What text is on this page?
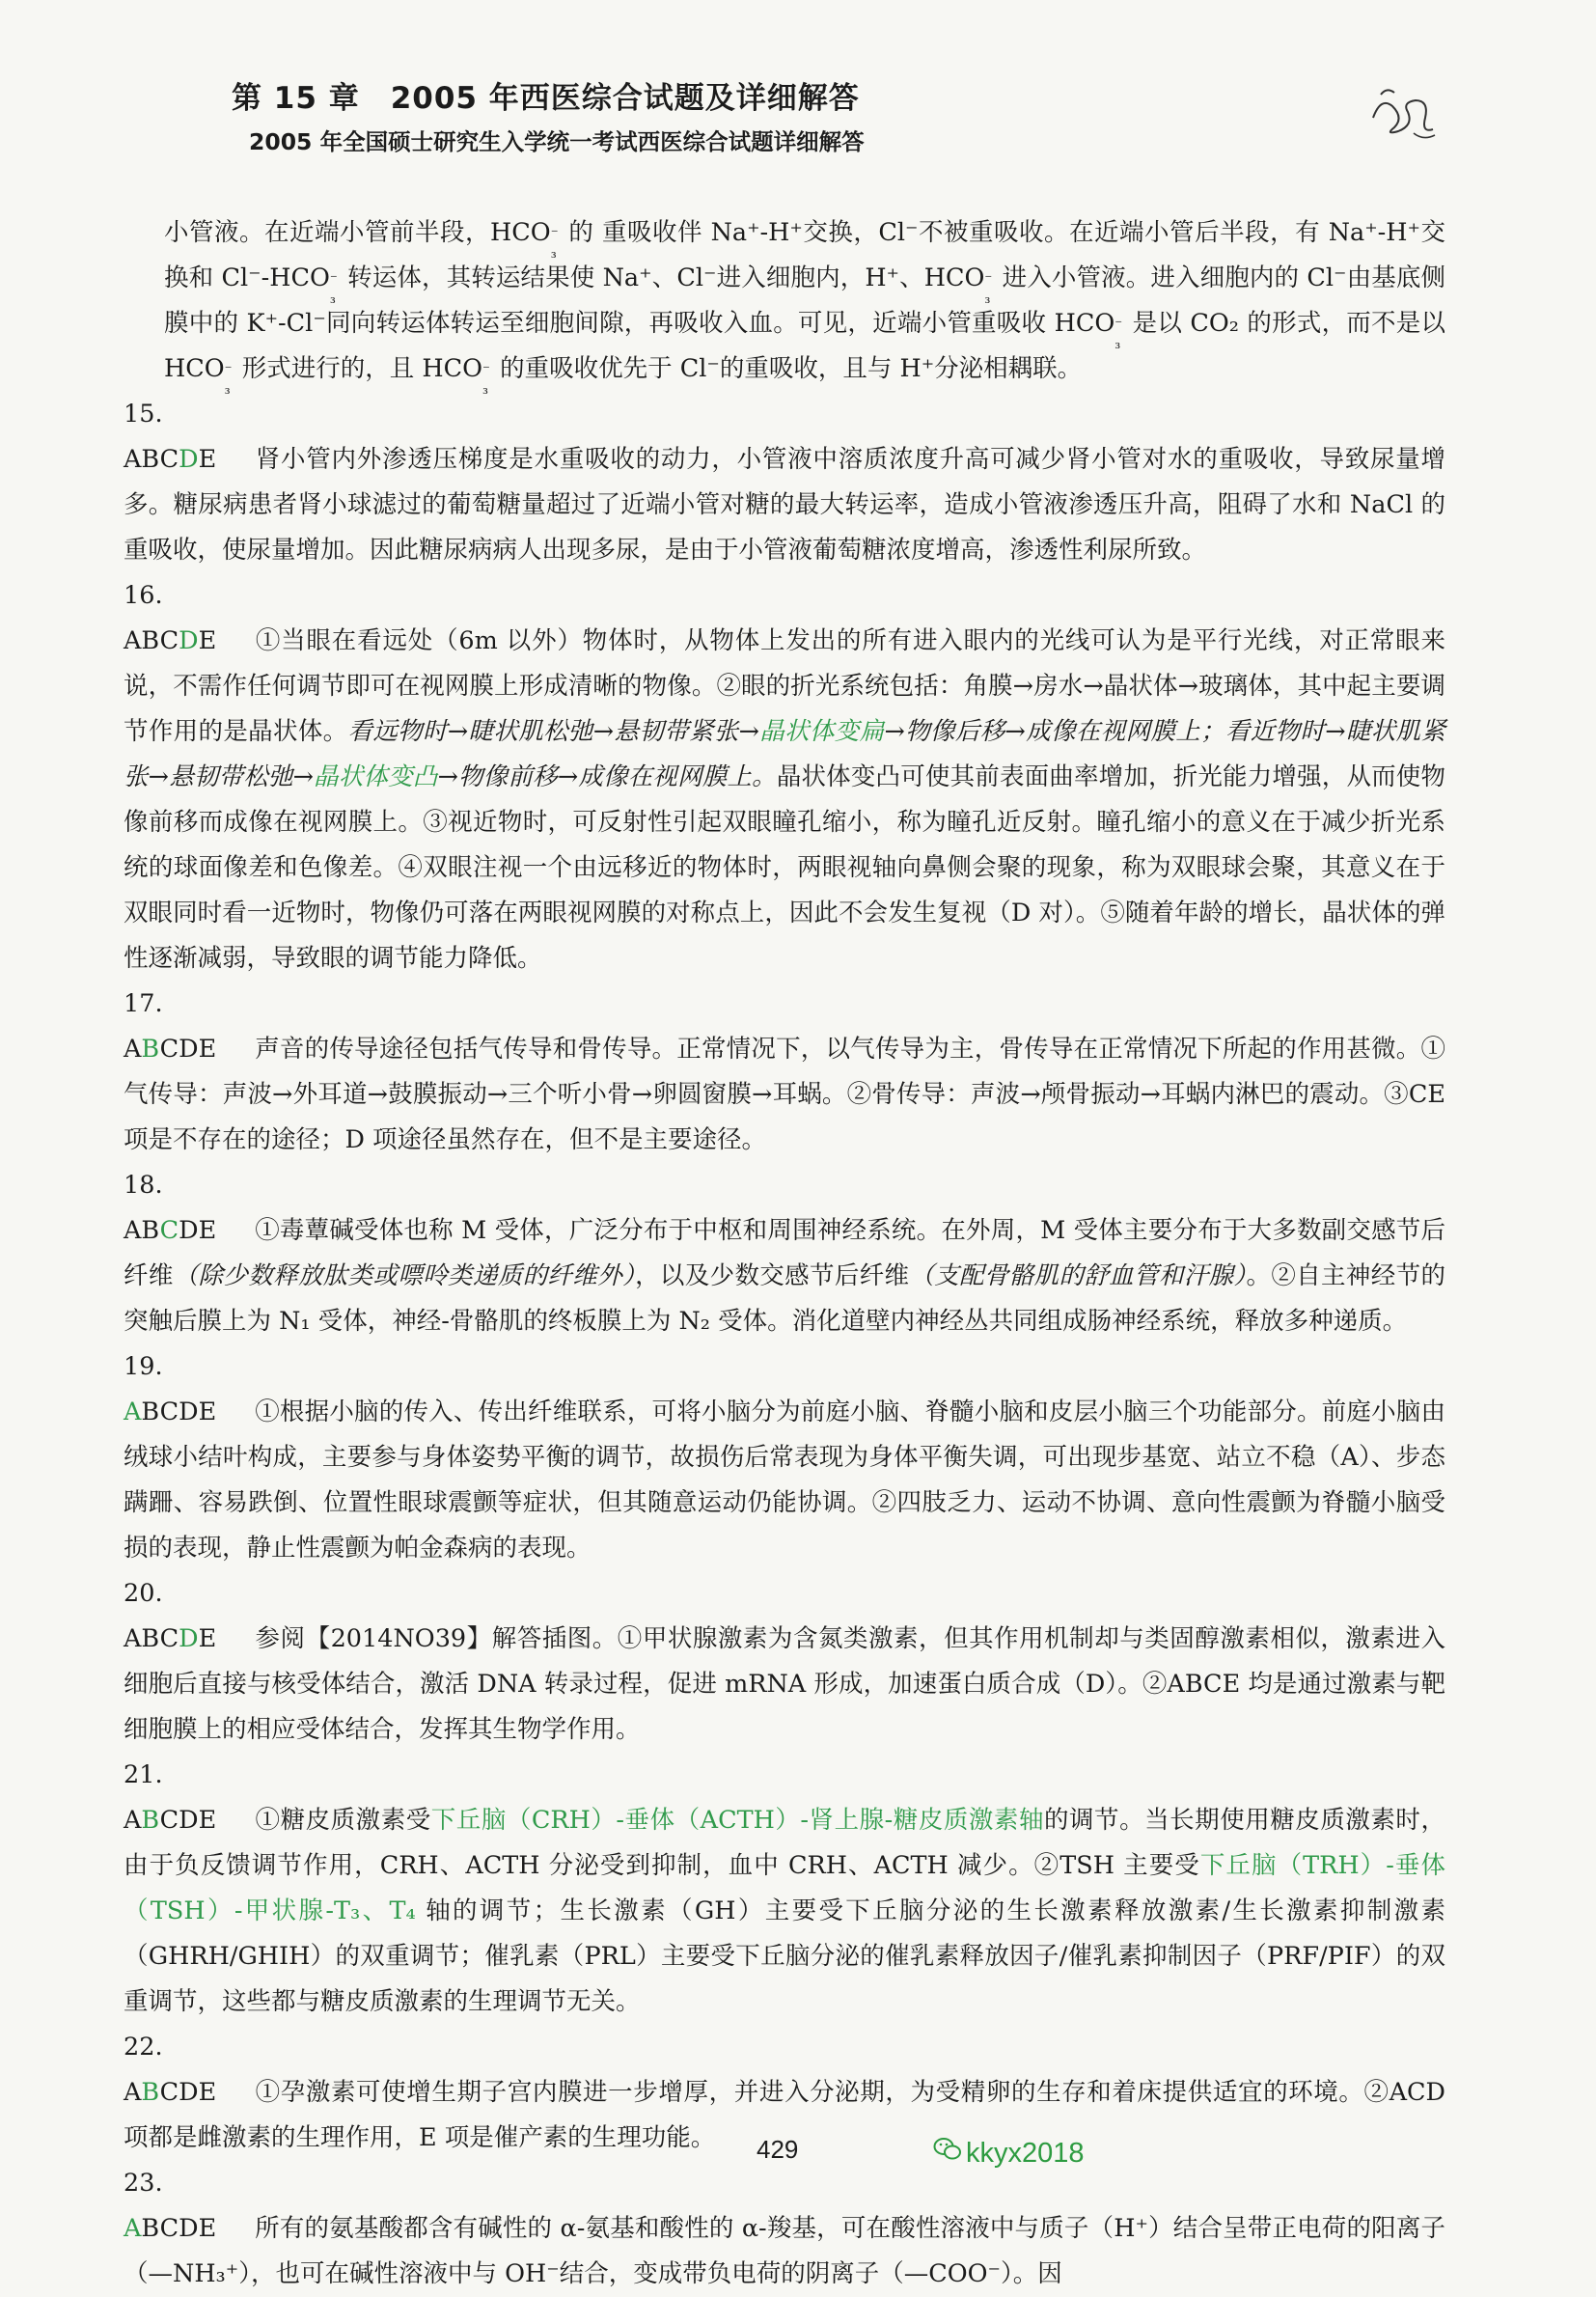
第 15 章　2005 年西医综合试题及详细解答
2005 年全国硕士研究生入学统一考试西医综合试题详细解答
小管液。在近端小管前半段，HCO
₃
⁻ 的 重吸收伴 Na⁺-H⁺交换，Cl⁻不被重吸收。在近端小管后半段，有 Na⁺-H⁺交换和 Cl⁻-HCO
₃
⁻ 转运体，其转运结果使 Na⁺、Cl⁻进入细胞内，H⁺、HCO
₃
⁻ 进入小管液。进入细胞内的 Cl⁻由基底侧膜中的 K⁺-Cl⁻同向转运体转运至细胞间隙，再吸收入血。可见，近端小管重吸收 HCO
₃
⁻ 是以 CO₂ 的形式，而不是以 HCO
₃
⁻ 形式进行的，且 HCO
₃
⁻ 的重吸收优先于 Cl⁻的重吸收，且与 H⁺分泌相耦联。
15. ABCDE 肾小管内外渗透压梯度是水重吸收的动力，小管液中溶质浓度升高可减少肾小管对水的重吸收，导致尿量增多。糖尿病患者肾小球滤过的葡萄糖量超过了近端小管对糖的最大转运率，造成小管液渗透压升高，阻碍了水和 NaCl 的重吸收，使尿量增加。因此糖尿病病人出现多尿，是由于小管液葡萄糖浓度增高，渗透性利尿所致。
16. ABCDE ①当眼在看远处（6m 以外）物体时，从物体上发出的所有进入眼内的光线可认为是平行光线，对正常眼来说，不需作任何调节即可在视网膜上形成清晰的物像。②眼的折光系统包括：角膜→房水→晶状体→玻璃体，其中起主要调节作用的是晶状体。看远物时→睫状肌松弛→悬韧带紧张→晶状体变扁→物像后移→成像在视网膜上；看近物时→睫状肌紧张→悬韧带松弛→晶状体变凸→物像前移→成像在视网膜上。晶状体变凸可使其前表面曲率增加，折光能力增强，从而使物像前移而成像在视网膜上。③视近物时，可反射性引起双眼瞳孔缩小，称为瞳孔近反射。瞳孔缩小的意义在于减少折光系统的球面像差和色像差。④双眼注视一个由远移近的物体时，两眼视轴向鼻侧会聚的现象，称为双眼球会聚，其意义在于双眼同时看一近物时，物像仍可落在两眼视网膜的对称点上，因此不会发生复视（D 对）。⑤随着年龄的增长，晶状体的弹性逐渐减弱，导致眼的调节能力降低。
17. ABCDE 声音的传导途径包括气传导和骨传导。正常情况下，以气传导为主，骨传导在正常情况下所起的作用甚微。①气传导：声波→外耳道→鼓膜振动→三个听小骨→卵圆窗膜→耳蜗。②骨传导：声波→颅骨振动→耳蜗内淋巴的震动。③CE 项是不存在的途径；D 项途径虽然存在，但不是主要途径。
18. ABCDE ①毒蕈碱受体也称 M 受体，广泛分布于中枢和周围神经系统。在外周，M 受体主要分布于大多数副交感节后纤维（除少数释放肽类或嘌呤类递质的纤维外），以及少数交感节后纤维（支配骨骼肌的舒血管和汗腺）。②自主神经节的突触后膜上为 N₁ 受体，神经-骨骼肌的终板膜上为 N₂ 受体。消化道壁内神经丛共同组成肠神经系统，释放多种递质。
19. ABCDE ①根据小脑的传入、传出纤维联系，可将小脑分为前庭小脑、脊髓小脑和皮层小脑三个功能部分。前庭小脑由绒球小结叶构成，主要参与身体姿势平衡的调节，故损伤后常表现为身体平衡失调，可出现步基宽、站立不稳（A）、步态蹒跚、容易跌倒、位置性眼球震颤等症状，但其随意运动仍能协调。②四肢乏力、运动不协调、意向性震颤为脊髓小脑受损的表现，静止性震颤为帕金森病的表现。
20. ABCDE 参阅【2014NO39】解答插图。①甲状腺激素为含氮类激素，但其作用机制却与类固醇激素相似，激素进入细胞后直接与核受体结合，激活 DNA 转录过程，促进 mRNA 形成，加速蛋白质合成（D）。②ABCE 均是通过激素与靶细胞膜上的相应受体结合，发挥其生物学作用。
21. ABCDE ①糖皮质激素受下丘脑（CRH）-垂体（ACTH）-肾上腺-糖皮质激素轴的调节。当长期使用糖皮质激素时，由于负反馈调节作用，CRH、ACTH 分泌受到抑制，血中 CRH、ACTH 减少。②TSH 主要受下丘脑（TRH）-垂体（TSH）-甲状腺-T₃、T₄ 轴的调节；生长激素（GH）主要受下丘脑分泌的生长激素释放激素/生长激素抑制激素（GHRH/GHIH）的双重调节；催乳素（PRL）主要受下丘脑分泌的催乳素释放因子/催乳素抑制因子（PRF/PIF）的双重调节，这些都与糖皮质激素的生理调节无关。
22. ABCDE ①孕激素可使增生期子宫内膜进一步增厚，并进入分泌期，为受精卵的生存和着床提供适宜的环境。②ACD 项都是雌激素的生理作用，E 项是催产素的生理功能。
23. ABCDE 所有的氨基酸都含有碱性的 α-氨基和酸性的 α-羧基，可在酸性溶液中与质子（H⁺）结合呈带正电荷的阳离子（—NH₃⁺），也可在碱性溶液中与 OH⁻结合，变成带负电荷的阴离子（—COO⁻）。因
429	kkyx2018
